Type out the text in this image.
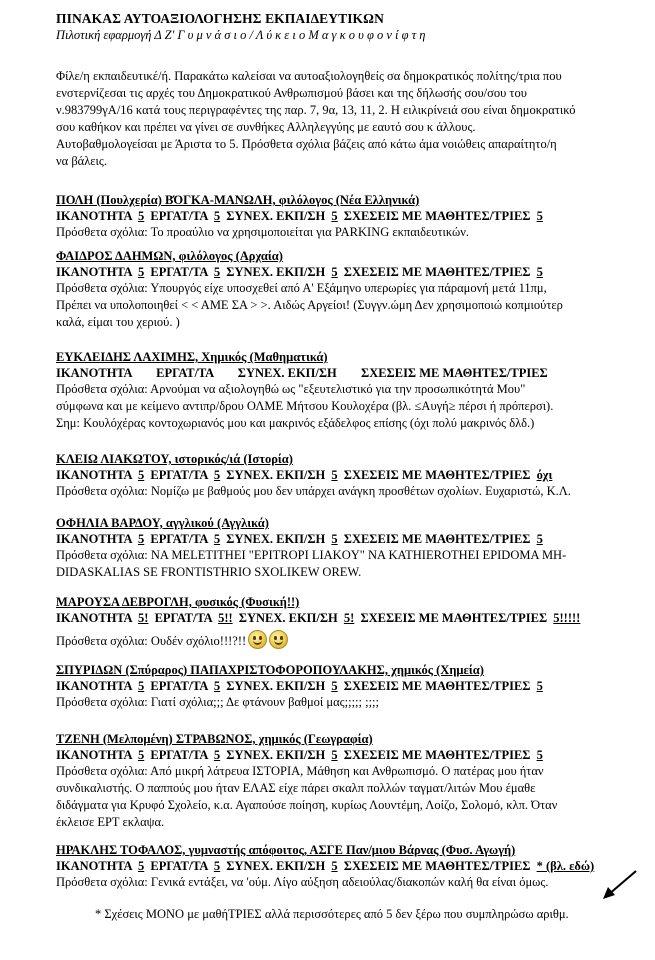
ΠΙΝΑΚΑΣ ΑΥΤΟΑΞΙΟΛΟΓΗΣΗΣ ΕΚΠΑΙΔΕΥΤΙΚΩΝ
Πιλοτική εφαρμογή Δ Ζ' Γ υ μ ν ά σ ι ο / Λ ύ κ ε ι ο Μ α γ κ ο υ φ ο ν ί φ τ η

Φίλε/η εκπαιδευτικέ/ή. Παρακάτω καλείσαι να αυτοαξιολογηθείς σα δημοκρατικός πολίτης/τρια που

ενστερνίζεσαι τις αρχές του Δημοκρατικού Ανθρωπισμού βάσει και της δήλωσής σου/σου του

ν.983799γΑ/16 κατά τους περιγραφέντες της παρ. 7, 9α, 13, 11, 2. Η ειλικρίνειά σου είναι δημοκρατικό

σου καθήκον και πρέπει να γίνει σε συνθήκες Αλληλεγγύης με εαυτό σου κ άλλους.

Αυτοβαθμολογείσαι με Άριστα το 5. Πρόσθετα σχόλια βάζεις από κάτω άμα νοιώθεις απαραίτητο/η

να βάλεις.

ΠΟΛΗ (Πουλχερία) ΒΌΓΚΑ-ΜΑΝΩΛΗ, φιλόλογος (Νέα Ελληνικά)
ΙΚΑΝΟΤΗΤΑ 5 ΕΡΓΑΤ/ΤΑ 5 ΣΥΝΕΧ. ΕΚΠ/ΣΗ 5 ΣΧΕΣΕΙΣ ΜΕ ΜΑΘΗΤΕΣ/ΤΡΙΕΣ 5
Πρόσθετα σχόλια: Το προαύλιο να χρησιμοποιείται για PARKING εκπαιδευτικών.
ΦΑΙΔΡΟΣ ΔΑΗΜΩΝ, φιλόλογος (Αρχαία)
ΙΚΑΝΟΤΗΤΑ 5 ΕΡΓΑΤ/ΤΑ 5 ΣΥΝΕΧ. ΕΚΠ/ΣΗ 5 ΣΧΕΣΕΙΣ ΜΕ ΜΑΘΗΤΕΣ/ΤΡΙΕΣ 5
Πρόσθετα σχόλια: Υπουργός είχε υποσχεθεί από Α' Εξάμηνο υπερωρίες για πάραμονή μετά 11πμ,
Πρέπει να υπολοποιηθεί < < ΑΜΕ ΣΑ > >. Αιδώς Αργείοι! (Συγγν.ώμη Δεν χρησιμοποιώ κοπμιούτερ
καλά, είμαι του χεριού. )
ΕΥΚΛΕΙΔΗΣ ΛΑΧΙΜΗΣ, Χημικός (Μαθηματικά)
ΙΚΑΝΟΤΗΤΑ ΕΡΓΑΤ/ΤΑ ΣΥΝΕΧ. ΕΚΠ/ΣΗ ΣΧΕΣΕΙΣ ΜΕ ΜΑΘΗΤΕΣ/ΤΡΙΕΣ
Πρόσθετα σχόλια: Αρνούμαι να αξιολογηθώ ως "εξευτελιστικό για την προσωπικότητά Μου"
σύμφωνα και με κείμενο αντιπρ/δρου ΟΛΜΕ Μήτσου Κουλοχέρα (βλ. ≤Αυγή≥ πέρσι ή πρόπερσι).
Σημ: Κουλόχέρας κοντοχωριανός μου και μακρινός εξάδελφος επίσης (όχι πολύ μακρινός δλδ.)
ΚΛΕΙΩ ΛΙΑΚΩΤΟΥ, ιστορικός/ιά (Ιστορία)
ΙΚΑΝΟΤΗΤΑ 5 ΕΡΓΑΤ/ΤΑ 5 ΣΥΝΕΧ. ΕΚΠ/ΣΗ 5 ΣΧΕΣΕΙΣ ΜΕ ΜΑΘΗΤΕΣ/ΤΡΙΕΣ όχι
Πρόσθετα σχόλια: Νομίζω με βαθμούς μου δεν υπάρχει ανάγκη προσθέτων σχολίων. Ευχαριστώ, Κ.Λ.
ΟΦΗΛΙΑ ΒΑΡΔΟΥ, αγγλικού (Αγγλικά)
ΙΚΑΝΟΤΗΤΑ 5 ΕΡΓΑΤ/ΤΑ 5 ΣΥΝΕΧ. ΕΚΠ/ΣΗ 5 ΣΧΕΣΕΙΣ ΜΕ ΜΑΘΗΤΕΣ/ΤΡΙΕΣ 5
Πρόσθετα σχόλια: NA MELETITHEI "EPITROPI LIAKOY" NA KATHIEROTHEI EPIDOMA MH-
DIDASKALIAS SE FRONTISTHRIO SXOLIKEW OREW.
ΜΑΡΟΥΣΑ ΔΕΒΡΟΓΛΗ, φυσικός (Φυσική!!)
ΙΚΑΝΟΤΗΤΑ 5! ΕΡΓΑΤ/ΤΑ 5!! ΣΥΝΕΧ. ΕΚΠ/ΣΗ 5! ΣΧΕΣΕΙΣ ΜΕ ΜΑΘΗΤΕΣ/ΤΡΙΕΣ 5!!!!!
Πρόσθετα σχόλια: Ουδέν σχόλιο!!!?!!
ΣΠΥΡΙΔΩΝ (Σπύραρος) ΠΑΠΑΧΡΙΣΤΟΦΟΡΟΠΟΥΛΑΚΗΣ, χημικός (Χημεία)
ΙΚΑΝΟΤΗΤΑ 5 ΕΡΓΑΤ/ΤΑ 5 ΣΥΝΕΧ. ΕΚΠ/ΣΗ 5 ΣΧΕΣΕΙΣ ΜΕ ΜΑΘΗΤΕΣ/ΤΡΙΕΣ 5
Πρόσθετα σχόλια: Γιατί σχόλια;;; Δε φτάνουν βαθμοί μας;;;;; ;;;;
ΤΖΕΝΗ (Μελπομένη) ΣΤΡΑΒΩΝΟΣ, χημικός (Γεωγραφία)
ΙΚΑΝΟΤΗΤΑ 5 ΕΡΓΑΤ/ΤΑ 5 ΣΥΝΕΧ. ΕΚΠ/ΣΗ 5 ΣΧΕΣΕΙΣ ΜΕ ΜΑΘΗΤΕΣ/ΤΡΙΕΣ 5
Πρόσθετα σχόλια: Από μικρή λάτρευα ΙΣΤΟΡΙΑ, Μάθηση και Ανθρωπισμό. Ο πατέρας μου ήταν
συνδικαλιστής. Ο παππούς μου ήταν ΕΛΑΣ είχε πάρει σκαλπ πολλών ταγματ/λιτών Μου έμαθε
διδάγματα για Κρυφό Σχολείο, κ.α. Αγαπούσε ποίηση, κυρίως Λουντέμη, Λοίζο, Σολομό, κλπ. Όταν
έκλεισε ΕΡΤ εκλαψα.
ΗΡΑΚΛΗΣ ΤΟΦΑΛΟΣ, γυμναστής απόφοιτος, ΑΣΓΕ Παν/μιου Βάρνας (Φυσ. Αγωγή)
ΙΚΑΝΟΤΗΤΑ 5 ΕΡΓΑΤ/ΤΑ 5 ΣΥΝΕΧ. ΕΚΠ/ΣΗ 5 ΣΧΕΣΕΙΣ ΜΕ ΜΑΘΗΤΕΣ/ΤΡΙΕΣ * (βλ. εδώ)
Πρόσθετα σχόλια: Γενικά εντάξει, να 'ούμ. Λίγο αύξηση αδειούλας/διακοπών καλή θα είναι όμως.
* Σχέσεις ΜΟΝΟ με μαθήΤΡΙΕΣ αλλά περισσότερες από 5 δεν ξέρω που συμπληρώσω αριθμ.
